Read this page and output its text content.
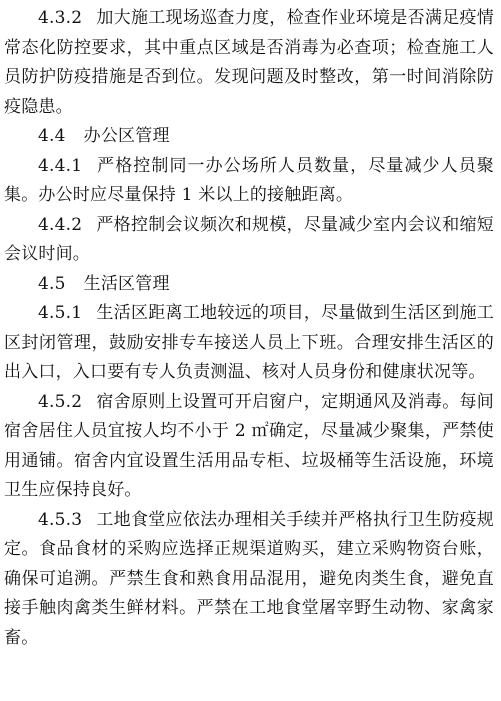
4.3.2 加大施工现场巡查力度，检查作业环境是否满足疫情常态化防控要求，其中重点区域是否消毒为必查项；检查施工人员防护防疫措施是否到位。发现问题及时整改，第一时间消除防疫隐患。

4.4 办公区管理

4.4.1 严格控制同一办公场所人员数量，尽量减少人员聚集。办公时应尽量保持 1 米以上的接触距离。

4.4.2 严格控制会议频次和规模，尽量减少室内会议和缩短会议时间。

4.5 生活区管理

4.5.1 生活区距离工地较远的项目，尽量做到生活区到施工区封闭管理，鼓励安排专车接送人员上下班。合理安排生活区的出入口，入口要有专人负责测温、核对人员身份和健康状况等。

4.5.2 宿舍原则上设置可开启窗户，定期通风及消毒。每间宿舍居住人员宜按人均不小于 2 ㎡确定，尽量减少聚集，严禁使用通铺。宿舍内宜设置生活用品专柜、垃圾桶等生活设施，环境卫生应保持良好。

4.5.3 工地食堂应依法办理相关手续并严格执行卫生防疫规定。食品食材的采购应选择正规渠道购买，建立采购物资台账，确保可追溯。严禁生食和熟食用品混用，避免肉类生食，避免直接手触肉禽类生鲜材料。严禁在工地食堂屠宰野生动物、家禽家畜。
